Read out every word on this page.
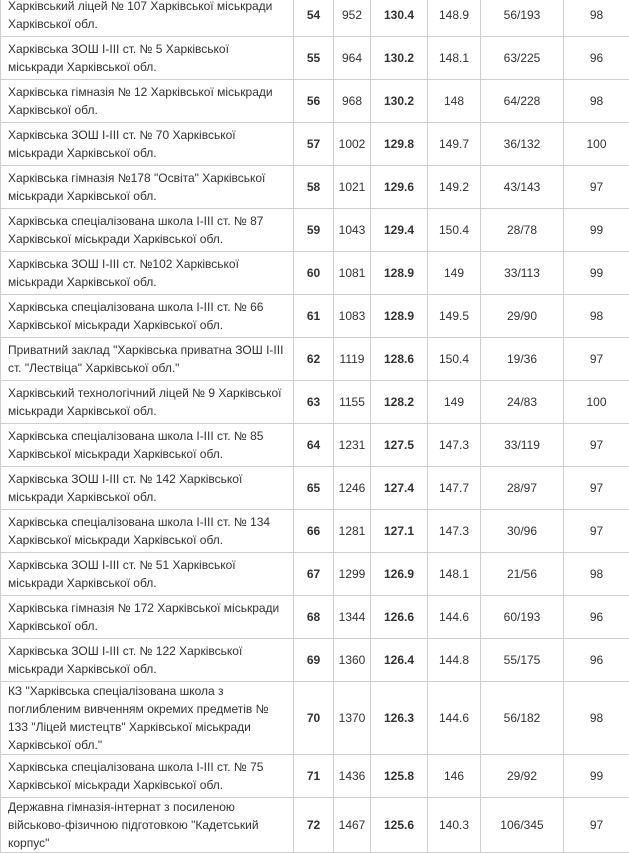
Харківський ліцей № 107 Харківської міськради Харківської обл.	54	952	130.4	148.9	56/193	98
Харківська ЗОШ І-ІІІ ст. № 5 Харківської міськради Харківської обл.	55	964	130.2	148.1	63/225	96
Харківська гімназія № 12 Харківської міськради Харківської обл.	56	968	130.2	148	64/228	98
Харківська ЗОШ І-ІІІ ст. № 70 Харківської міськради Харківської обл.	57	1002	129.8	149.7	36/132	100
Харківська гімназія №178 "Освіта" Харківської міськради Харківської обл.	58	1021	129.6	149.2	43/143	97
Харківська спеціалізована школа І-ІІІ ст. № 87 Харківської міськради Харківської обл.	59	1043	129.4	150.4	28/78	99
Харківська ЗОШ І-ІІІ ст. №102 Харківської міськради Харківської обл.	60	1081	128.9	149	33/113	99
Харківська спеціалізована школа І-ІІІ ст. № 66 Харківської міськради Харківської обл.	61	1083	128.9	149.5	29/90	98
Приватний заклад "Харківська приватна ЗОШ І-ІІІ ст. "Лествіца" Харківської обл."	62	1119	128.6	150.4	19/36	97
Харківський технологічний ліцей № 9 Харківської міськради Харківської обл.	63	1155	128.2	149	24/83	100
Харківська спеціалізована школа І-ІІІ ст. № 85 Харківської міськради Харківської обл.	64	1231	127.5	147.3	33/119	97
Харківська ЗОШ І-ІІІ ст. № 142 Харківської міськради Харківської обл.	65	1246	127.4	147.7	28/97	97
Харківська спеціалізована школа І-ІІІ ст. № 134 Харківської міськради Харківської обл.	66	1281	127.1	147.3	30/96	97
Харківська ЗОШ І-ІІІ ст. № 51 Харківської міськради Харківської обл.	67	1299	126.9	148.1	21/56	98
Харківська гімназія № 172 Харківської міськради Харківської обл.	68	1344	126.6	144.6	60/193	96
Харківська ЗОШ І-ІІІ ст. № 122 Харківської міськради Харківської обл.	69	1360	126.4	144.8	55/175	96
КЗ "Харківська спеціалізована школа з поглибленим вивченням окремих предметів № 133 "Ліцей мистецтв" Харківської міськради Харківської обл."	70	1370	126.3	144.6	56/182	98
Харківська спеціалізована школа І-ІІІ ст. № 75 Харківської міськради Харківської обл.	71	1436	125.8	146	29/92	99
Державна гімназія-інтернат з посиленою військово-фізичною підготовкою "Кадетський корпус"	72	1467	125.6	140.3	106/345	97
